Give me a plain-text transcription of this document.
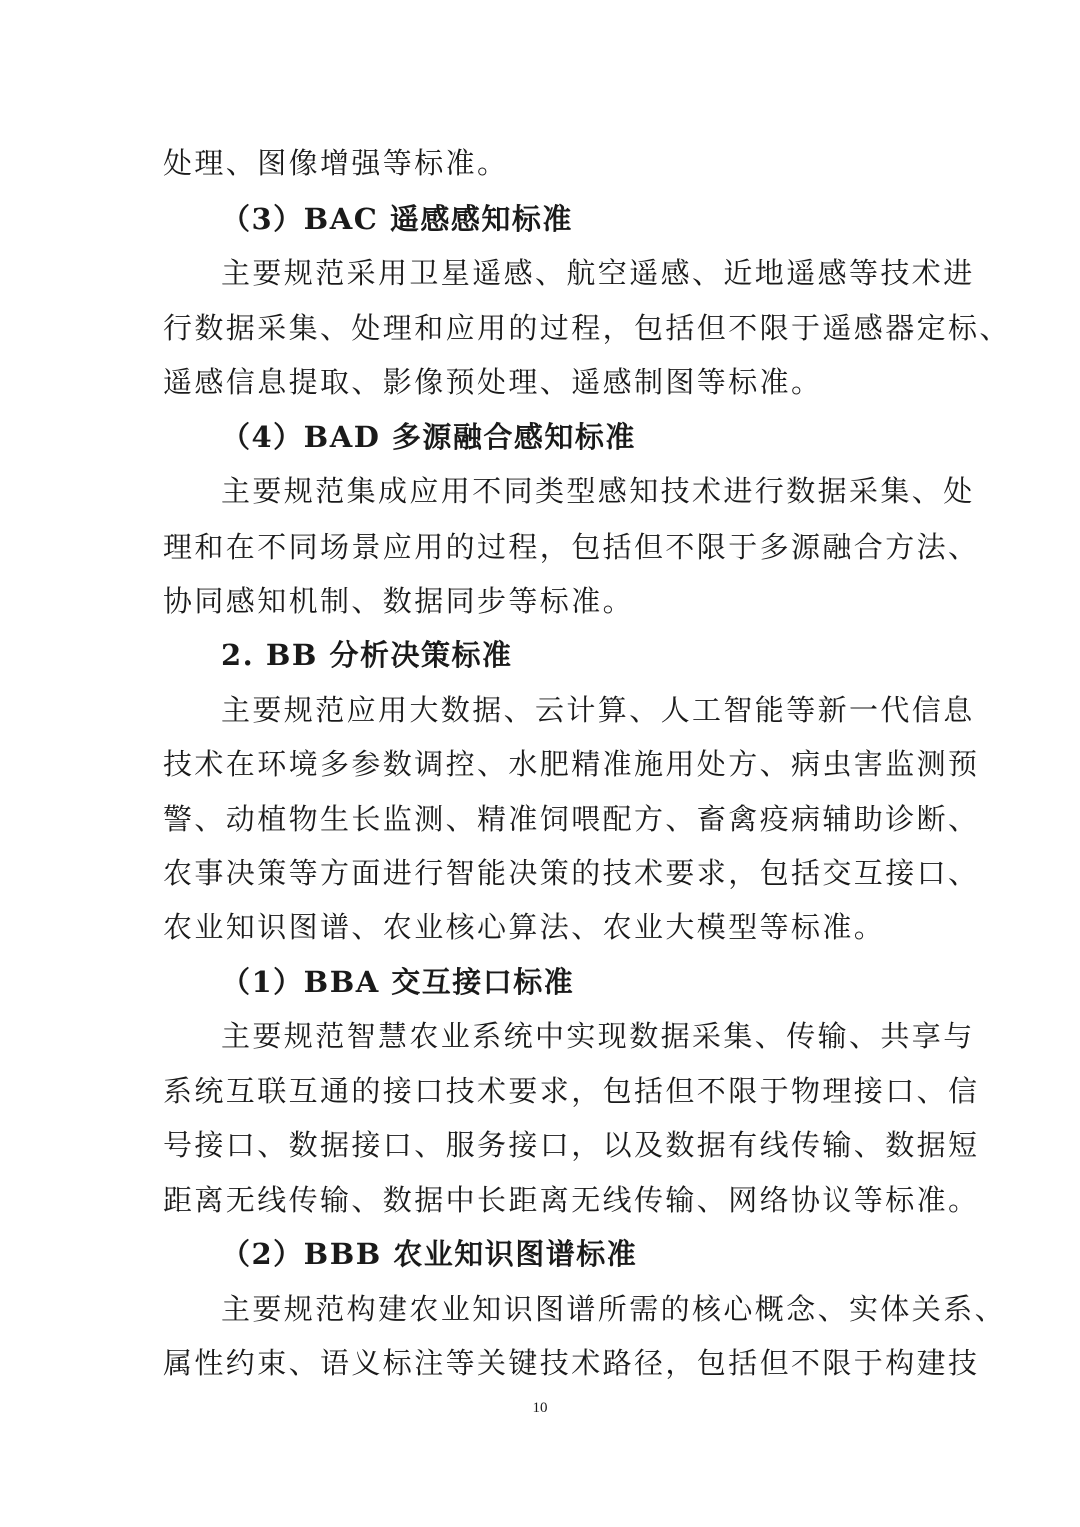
处理、图像增强等标准。
（3）BAC 遥感感知标准
主要规范采用卫星遥感、航空遥感、近地遥感等技术进
行数据采集、处理和应用的过程，包括但不限于遥感器定标、
遥感信息提取、影像预处理、遥感制图等标准。
（4）BAD 多源融合感知标准
主要规范集成应用不同类型感知技术进行数据采集、处
理和在不同场景应用的过程，包括但不限于多源融合方法、
协同感知机制、数据同步等标准。
2. BB 分析决策标准
主要规范应用大数据、云计算、人工智能等新一代信息
技术在环境多参数调控、水肥精准施用处方、病虫害监测预
警、动植物生长监测、精准饲喂配方、畜禽疫病辅助诊断、
农事决策等方面进行智能决策的技术要求，包括交互接口、
农业知识图谱、农业核心算法、农业大模型等标准。
（1）BBA 交互接口标准
主要规范智慧农业系统中实现数据采集、传输、共享与
系统互联互通的接口技术要求，包括但不限于物理接口、信
号接口、数据接口、服务接口，以及数据有线传输、数据短
距离无线传输、数据中长距离无线传输、网络协议等标准。
（2）BBB 农业知识图谱标准
主要规范构建农业知识图谱所需的核心概念、实体关系、
属性约束、语义标注等关键技术路径，包括但不限于构建技
10
